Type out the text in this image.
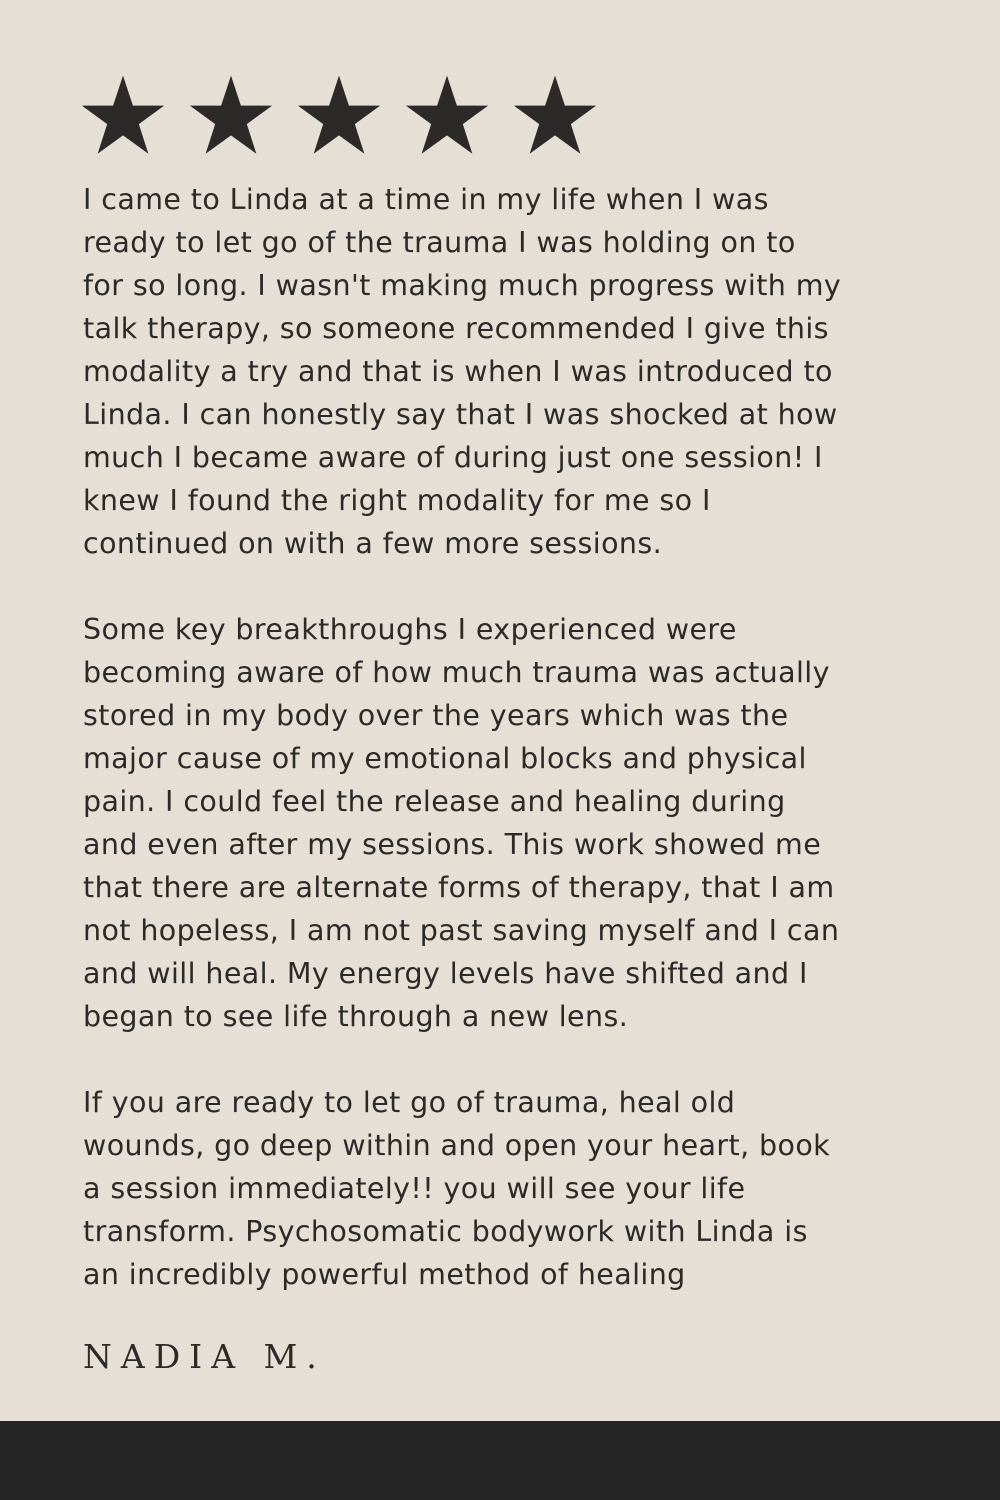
I came to Linda at a time in my life when I was
ready to let go of the trauma I was holding on to
for so long. I wasn't making much progress with my
talk therapy, so someone recommended I give this
modality a try and that is when I was introduced to
Linda. I can honestly say that I was shocked at how
much I became aware of during just one session! I
knew I found the right modality for me so I
continued on with a few more sessions.

Some key breakthroughs I experienced were
becoming aware of how much trauma was actually
stored in my body over the years which was the
major cause of my emotional blocks and physical
pain. I could feel the release and healing during
and even after my sessions. This work showed me
that there are alternate forms of therapy, that I am
not hopeless, I am not past saving myself and I can
and will heal. My energy levels have shifted and I
began to see life through a new lens.

If you are ready to let go of trauma, heal old
wounds, go deep within and open your heart, book
a session immediately!! you will see your life
transform. Psychosomatic bodywork with Linda is
an incredibly powerful method of healing

NADIA M.
